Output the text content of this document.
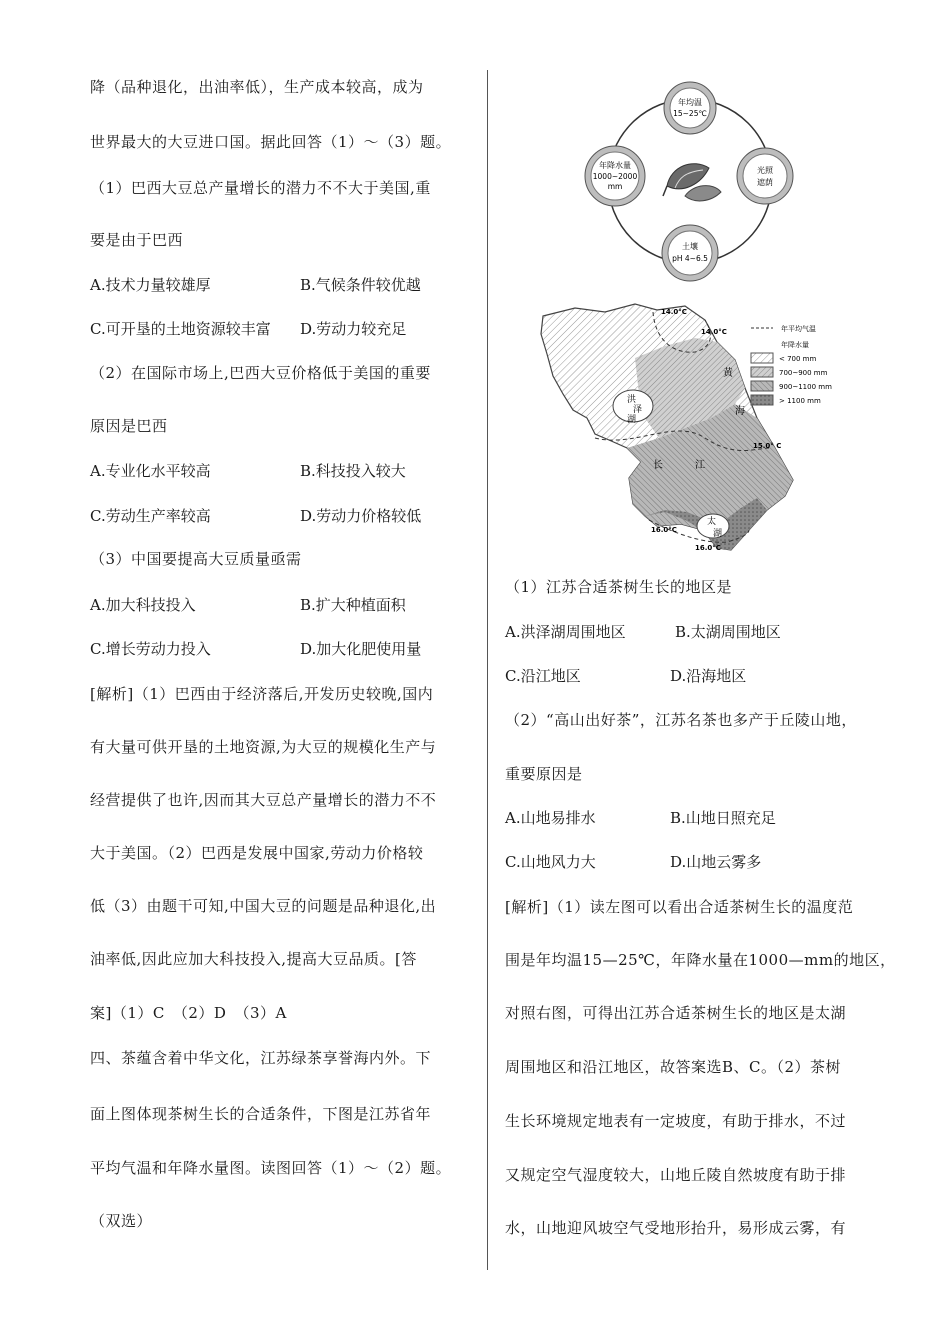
降（品种退化，出油率低），生产成本较高，成为
世界最大的大豆进口国。据此回答（1）～（3）题。
（1）巴西大豆总产量增长的潜力不不大于美国,重
要是由于巴西
A.技术力量较雄厚	B.气候条件较优越
C.可开垦的土地资源较丰富 D.劳动力较充足
（2）在国际市场上,巴西大豆价格低于美国的重要
原因是巴西
A.专业化水平较高	B.科技投入较大
C.劳动生产率较高	D.劳动力价格较低
（3）中国要提高大豆质量亟需
A.加大科技投入	B.扩大种植面积
C.增长劳动力投入	D.加大化肥使用量
[解析]（1）巴西由于经济落后,开发历史较晚,国内
有大量可供开垦的土地资源,为大豆的规模化生产与
经营提供了也许,因而其大豆总产量增长的潜力不不
大于美国。（2）巴西是发展中国家,劳动力价格较
低（3）由题干可知,中国大豆的问题是品种退化,出
油率低,因此应加大科技投入,提高大豆品质。[答
案]（1）C　（2）D　（3）A
四、茶蕴含着中华文化，江苏绿茶享誉海内外。下
面上图体现茶树生长的合适条件，下图是江苏省年
平均气温和年降水量图。读图回答（1）～（2）题。
（双选）
年均温
15~25℃
年降水量
1000~2000
mm
光照
遮荫
土壤
pH 4~6.5
14.0°C
14.0°C
15.0° C
16.0°C
16.0°C
洪
泽
湖
黄
海
长	江
太
湖
年平均气温
年降水量
< 700 mm
700~900 mm
900~1100 mm
> 1100 mm
（1）江苏合适茶树生长的地区是
A.洪泽湖周围地区	B.太湖周围地区
C.沿江地区	D.沿海地区
（2）“高山出好茶”，江苏名茶也多产于丘陵山地，
重要原因是
A.山地易排水	B.山地日照充足
C.山地风力大	D.山地云雾多
[解析]（1）读左图可以看出合适茶树生长的温度范
围是年均温15—25℃，年降水量在1000—mm的地区，
对照右图，可得出江苏合适茶树生长的地区是太湖
周围地区和沿江地区，故答案选B、C。（2）茶树
生长环境规定地表有一定坡度，有助于排水，不过
又规定空气湿度较大，山地丘陵自然坡度有助于排
水，山地迎风坡空气受地形抬升，易形成云雾，有
